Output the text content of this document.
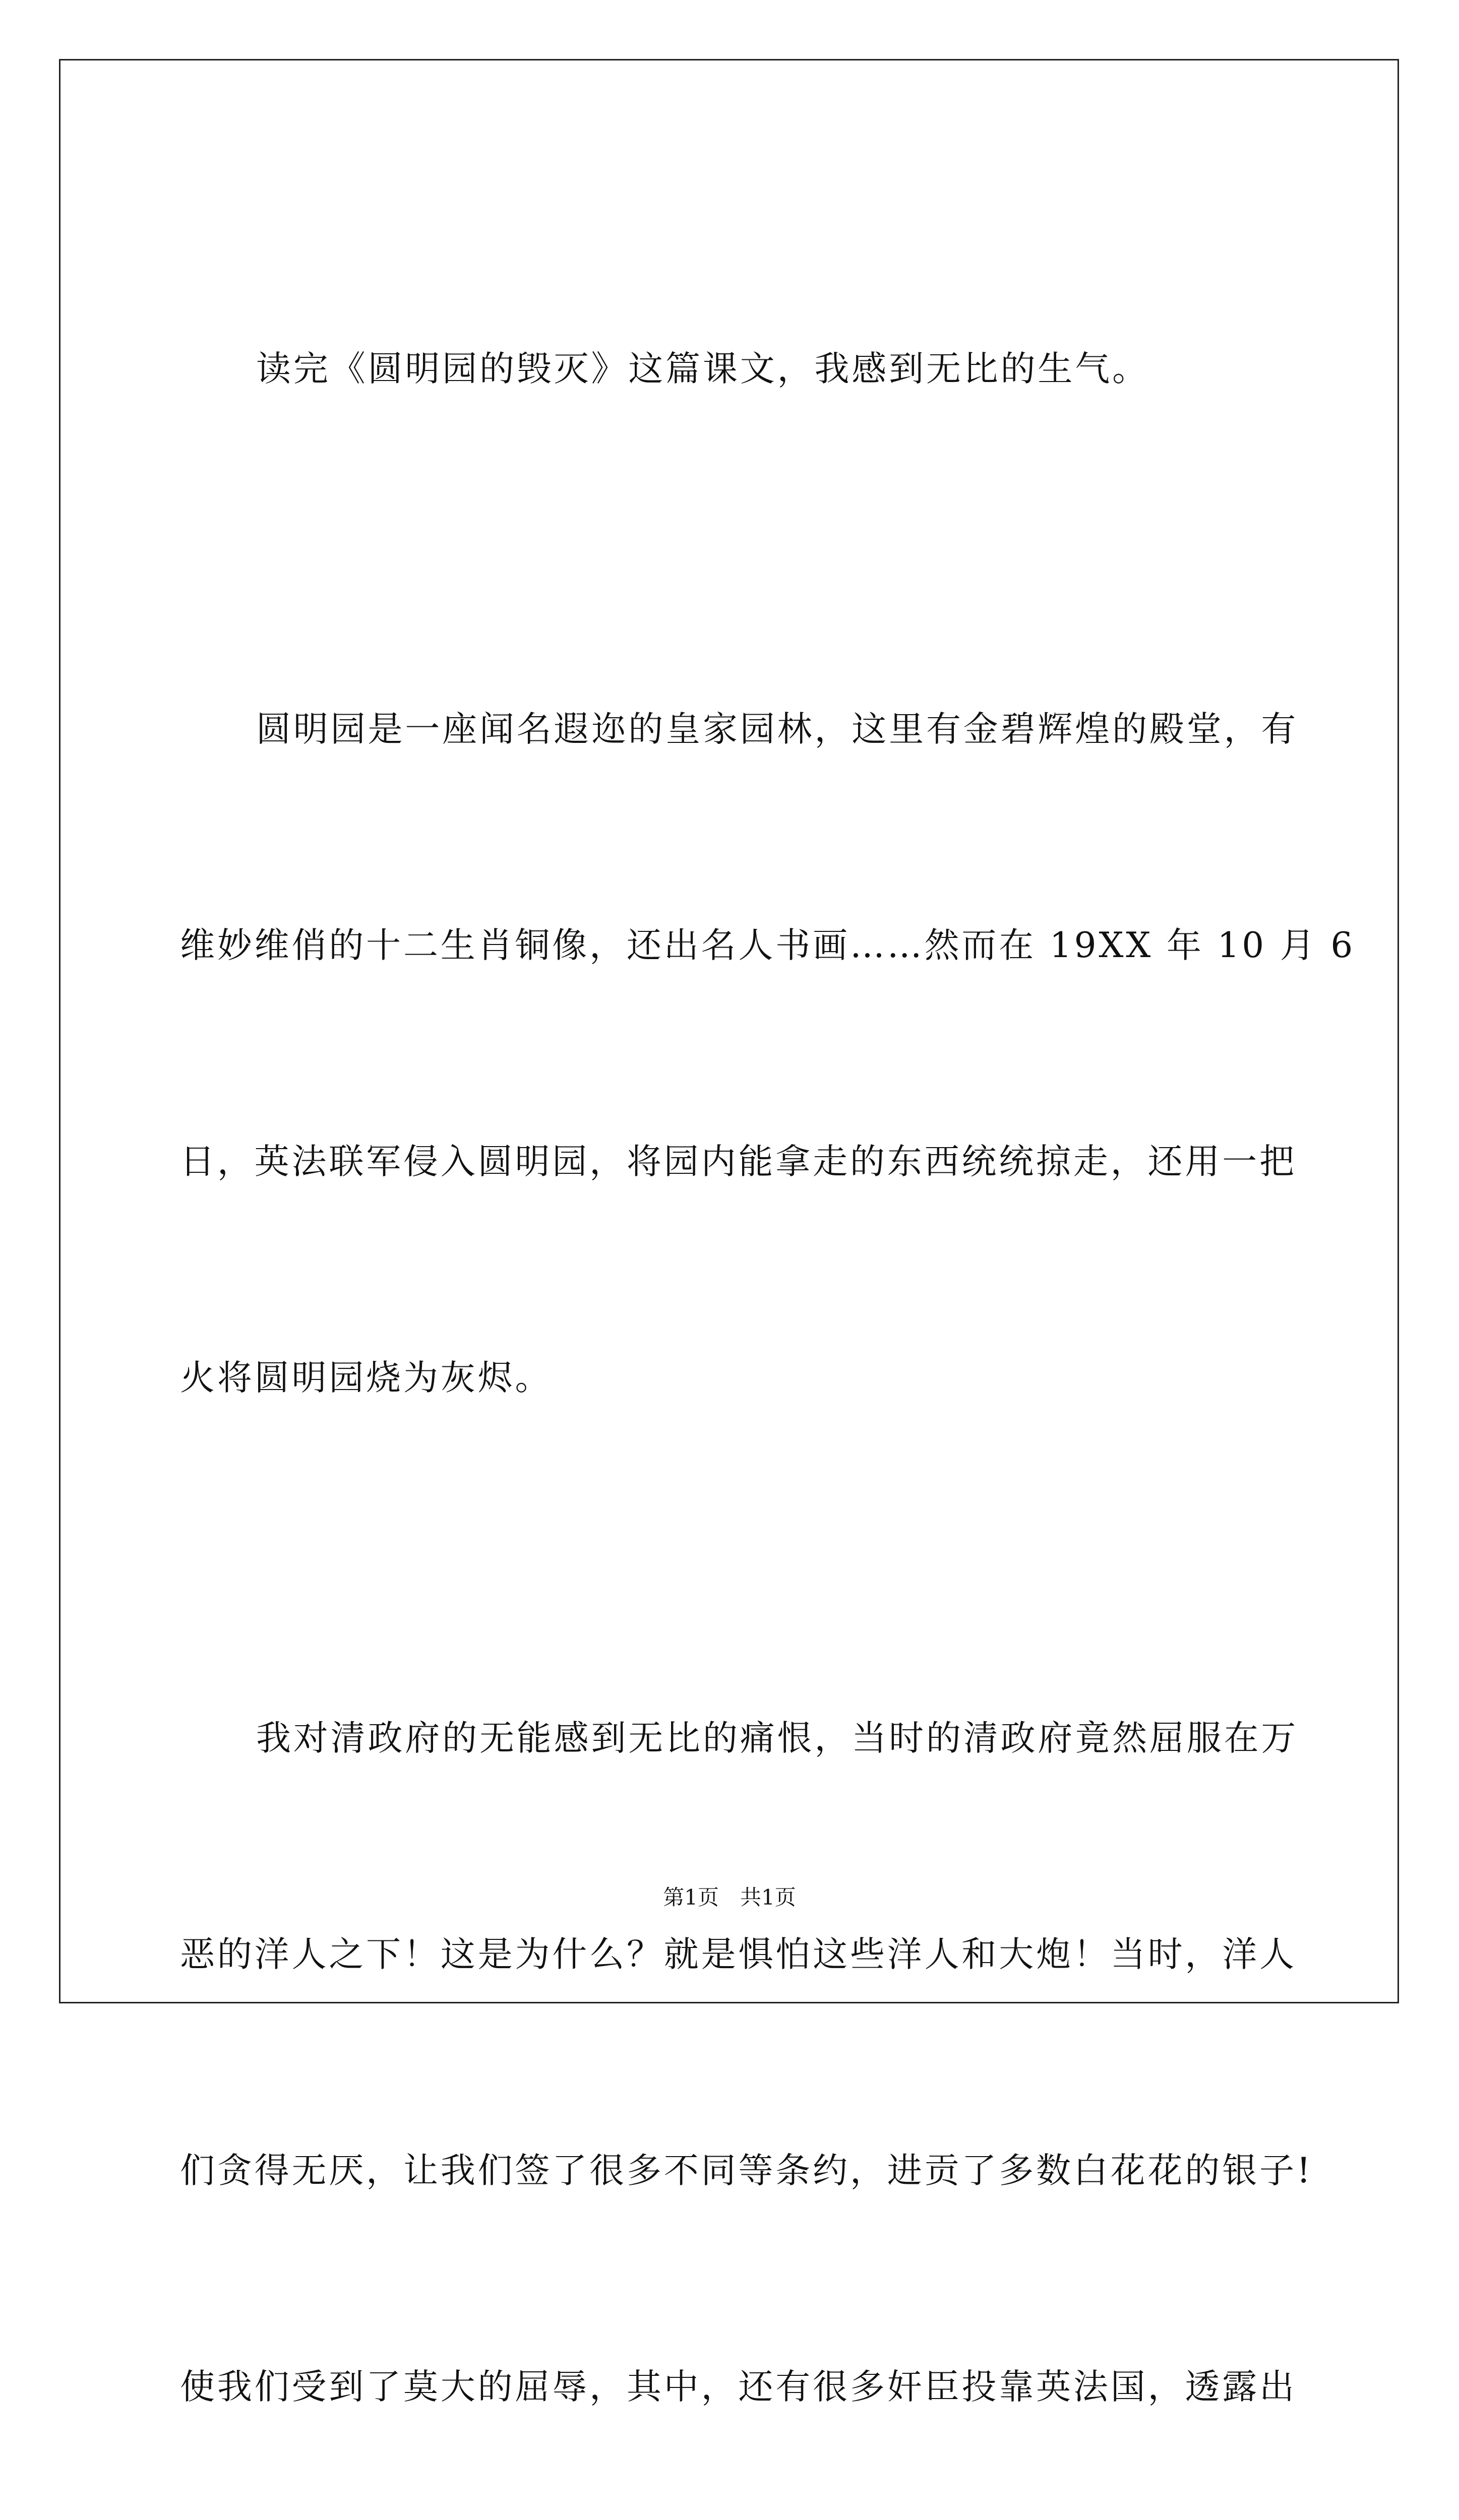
读完《圆明园的毁灭》这篇课文，我感到无比的生气。

圆明园是一座闻名遐迩的皇家园林，这里有金碧辉煌的殿堂，有

维妙维俏的十二生肖铜像，还出名人书画……然而在 19XX 年 10 月 6

日，英法联军侵入圆明园，将园内能拿走的东西统统掠走，还用一把

火将圆明园烧为灰烬。

我对清政府的无能感到无比的痛恨，当时的清政府竟然屈服在万

恶的洋人之下！这是为什么？就是惧怕这些洋人和大炮！当时，洋人

们贪得无厌，让我们签了很多不同等条约，进贡了多数白花花的银子!

使我们受到了莫大的屈辱，其中，还有很多奸臣投靠英法国，透露出

第1页　共1页
